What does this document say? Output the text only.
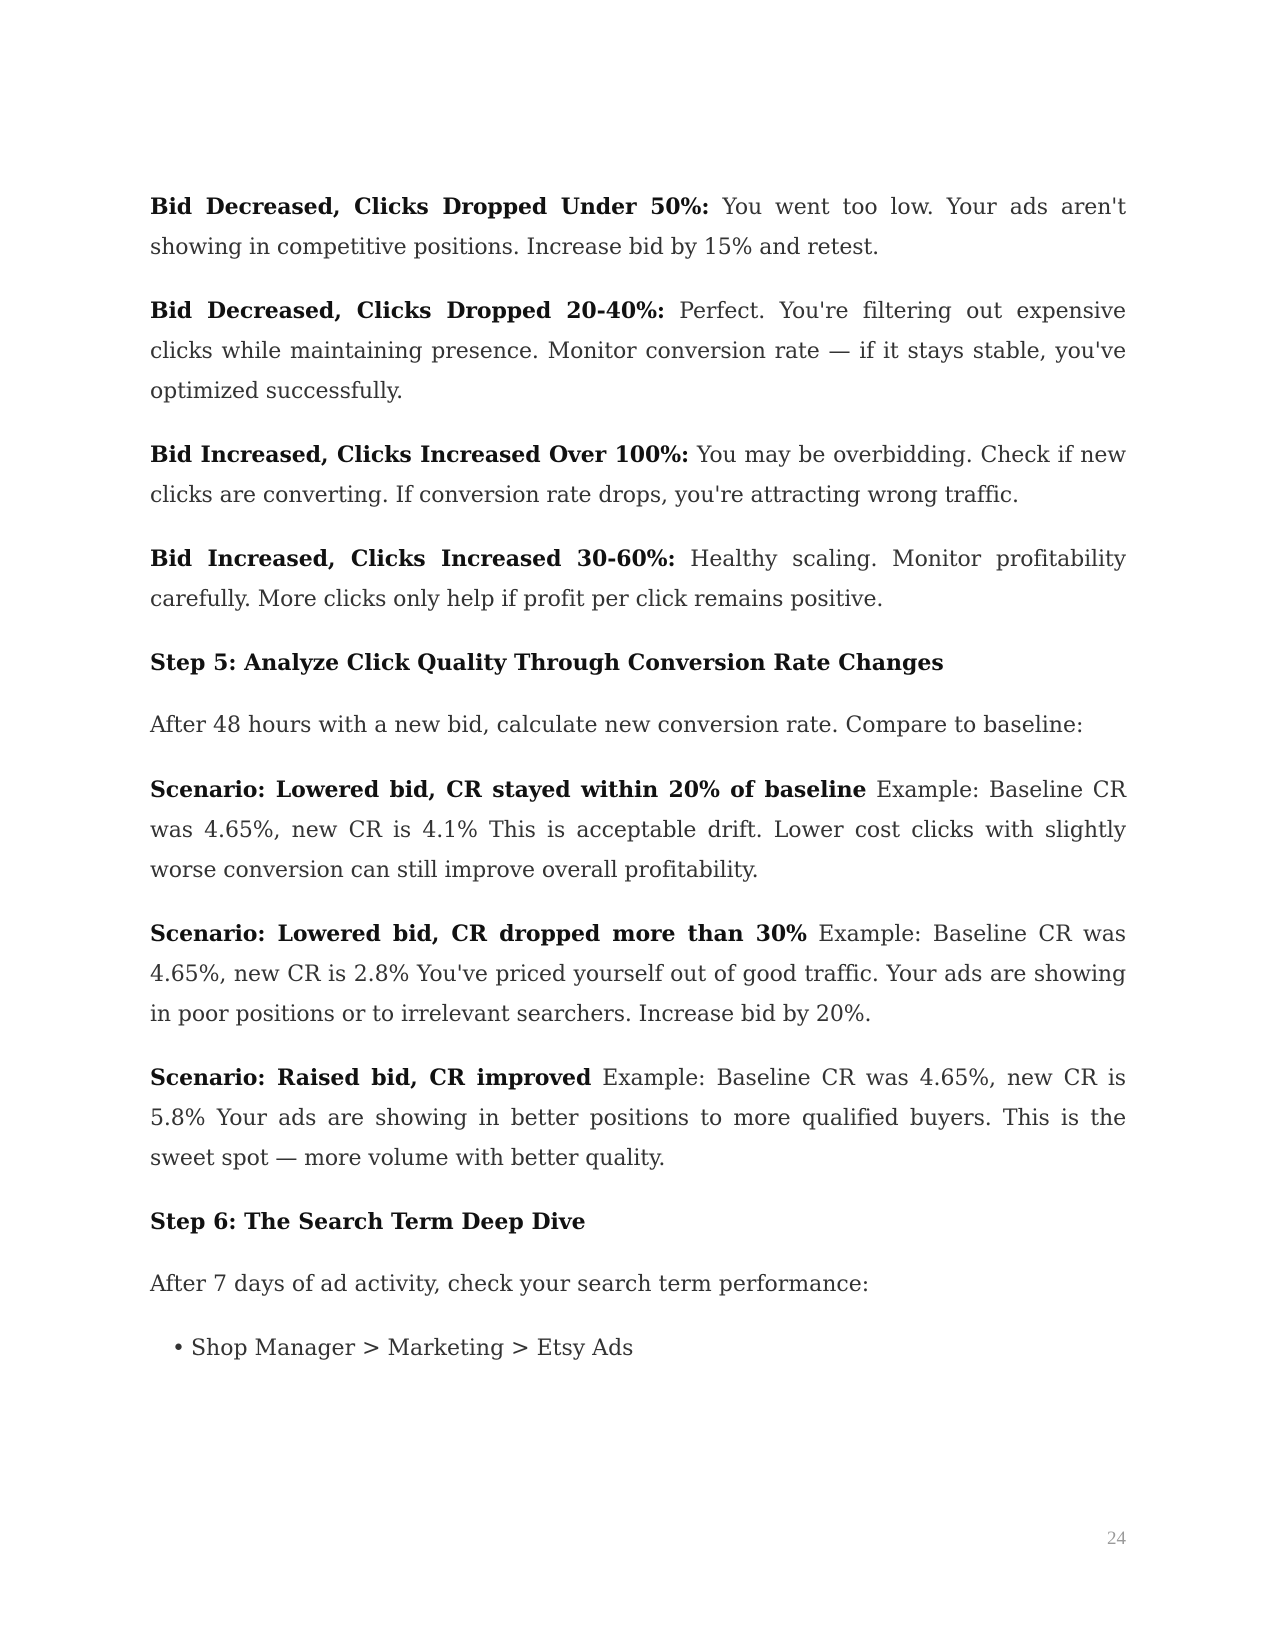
Bid Decreased, Clicks Dropped Under 50%: You went too low. Your ads aren't showing in competitive positions. Increase bid by 15% and retest.

Bid Decreased, Clicks Dropped 20-40%: Perfect. You're filtering out expensive clicks while maintaining presence. Monitor conversion rate — if it stays stable, you've optimized successfully.

Bid Increased, Clicks Increased Over 100%: You may be overbidding. Check if new clicks are converting. If conversion rate drops, you're attracting wrong traffic.

Bid Increased, Clicks Increased 30-60%: Healthy scaling. Monitor profitability carefully. More clicks only help if profit per click remains positive.

Step 5: Analyze Click Quality Through Conversion Rate Changes

After 48 hours with a new bid, calculate new conversion rate. Compare to baseline:

Scenario: Lowered bid, CR stayed within 20% of baseline Example: Baseline CR was 4.65%, new CR is 4.1% This is acceptable drift. Lower cost clicks with slightly worse conversion can still improve overall profitability.

Scenario: Lowered bid, CR dropped more than 30% Example: Baseline CR was 4.65%, new CR is 2.8% You've priced yourself out of good traffic. Your ads are showing in poor positions or to irrelevant searchers. Increase bid by 20%.

Scenario: Raised bid, CR improved Example: Baseline CR was 4.65%, new CR is 5.8% Your ads are showing in better positions to more qualified buyers. This is the sweet spot — more volume with better quality.

Step 6: The Search Term Deep Dive

After 7 days of ad activity, check your search term performance:

• Shop Manager > Marketing > Etsy Ads
24
